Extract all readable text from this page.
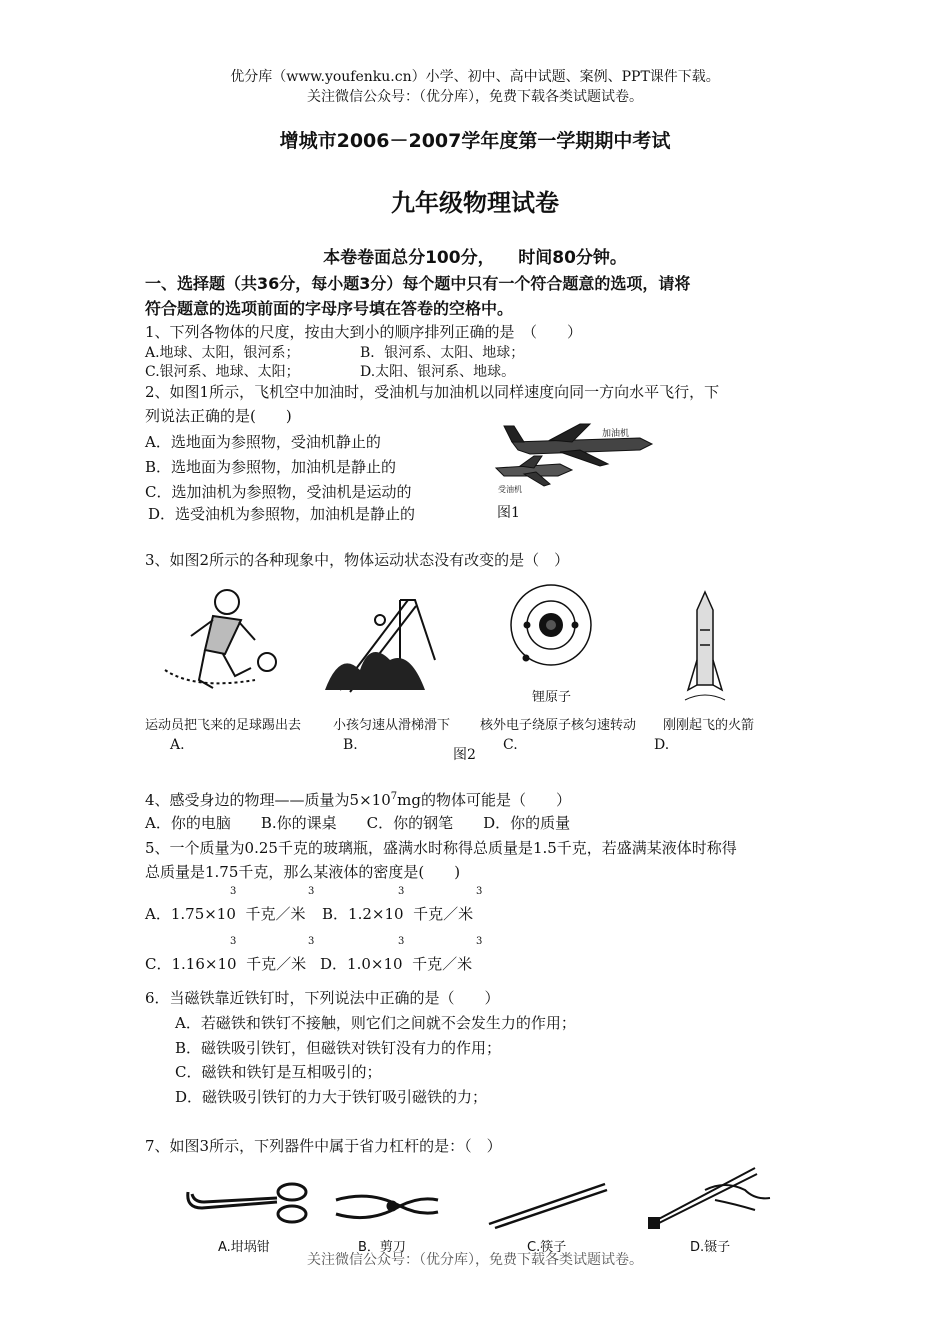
优分库（www.youfenku.cn）小学、初中、高中试题、案例、PPT课件下载。
关注微信公众号：（优分库），免费下载各类试题试卷。
增城市2006－2007学年度第一学期期中考试
九年级物理试卷
本卷卷面总分100分，    时间80分钟。
一、选择题（共36分，每小题3分）每个题中只有一个符合题意的选项，请将
符合题意的选项前面的字母序号填在答卷的空格中。
1、下列各物体的尺度，按由大到小的顺序排列正确的是　（　　）
A.地球、太阳，银河系；	B．银河系、太阳、地球；
C.银河系、地球、太阳；	D.太阳、银河系、地球。
2、如图1所示，飞机空中加油时，受油机与加油机以同样速度向同一方向水平飞行，下
列说法正确的是(　　)
A．选地面为参照物，受油机静止的
B．选地面为参照物，加油机是静止的
C．选加油机为参照物，受油机是运动的
D．选受油机为参照物，加油机是静止的	图1
加油机
受油机
3、如图2所示的各种现象中，物体运动状态没有改变的是（　）
锂原子
运动员把飞来的足球踢出去 小孩匀速从滑梯滑下 核外电子绕原子核匀速转动 刚刚起飞的火箭
A.	B.	C.	D.
图2
4、感受身边的物理——质量为$5\times 10^7mg$的物体可能是（　　）
A．你的电脑　　B.你的课桌　　C．你的钢笔　　D．你的质量
5、一个质量为0.25千克的玻璃瓶，盛满水时称得总质量是1.5千克，若盛满某液体时称得
总质量是1.75千克，那么某液体的密度是(　　)
3	3	3	3
A．1.75×10 千克／米 B．1.2×10 千克／米
3	3	3	3
C．1.16×10 千克／米 D．1.0×10 千克／米
6．当磁铁靠近铁钉时，下列说法中正确的是（　　）
A．若磁铁和铁钉不接触，则它们之间就不会发生力的作用；
B．磁铁吸引铁钉，但磁铁对铁钉没有力的作用；
C．磁铁和铁钉是互相吸引的；
D．磁铁吸引铁钉的力大于铁钉吸引磁铁的力；
7、如图3所示，下列器件中属于省力杠杆的是：（　）
A.坩埚钳	B．剪刀	C.筷子	D.镊子
关注微信公众号：（优分库），免费下载各类试题试卷。
